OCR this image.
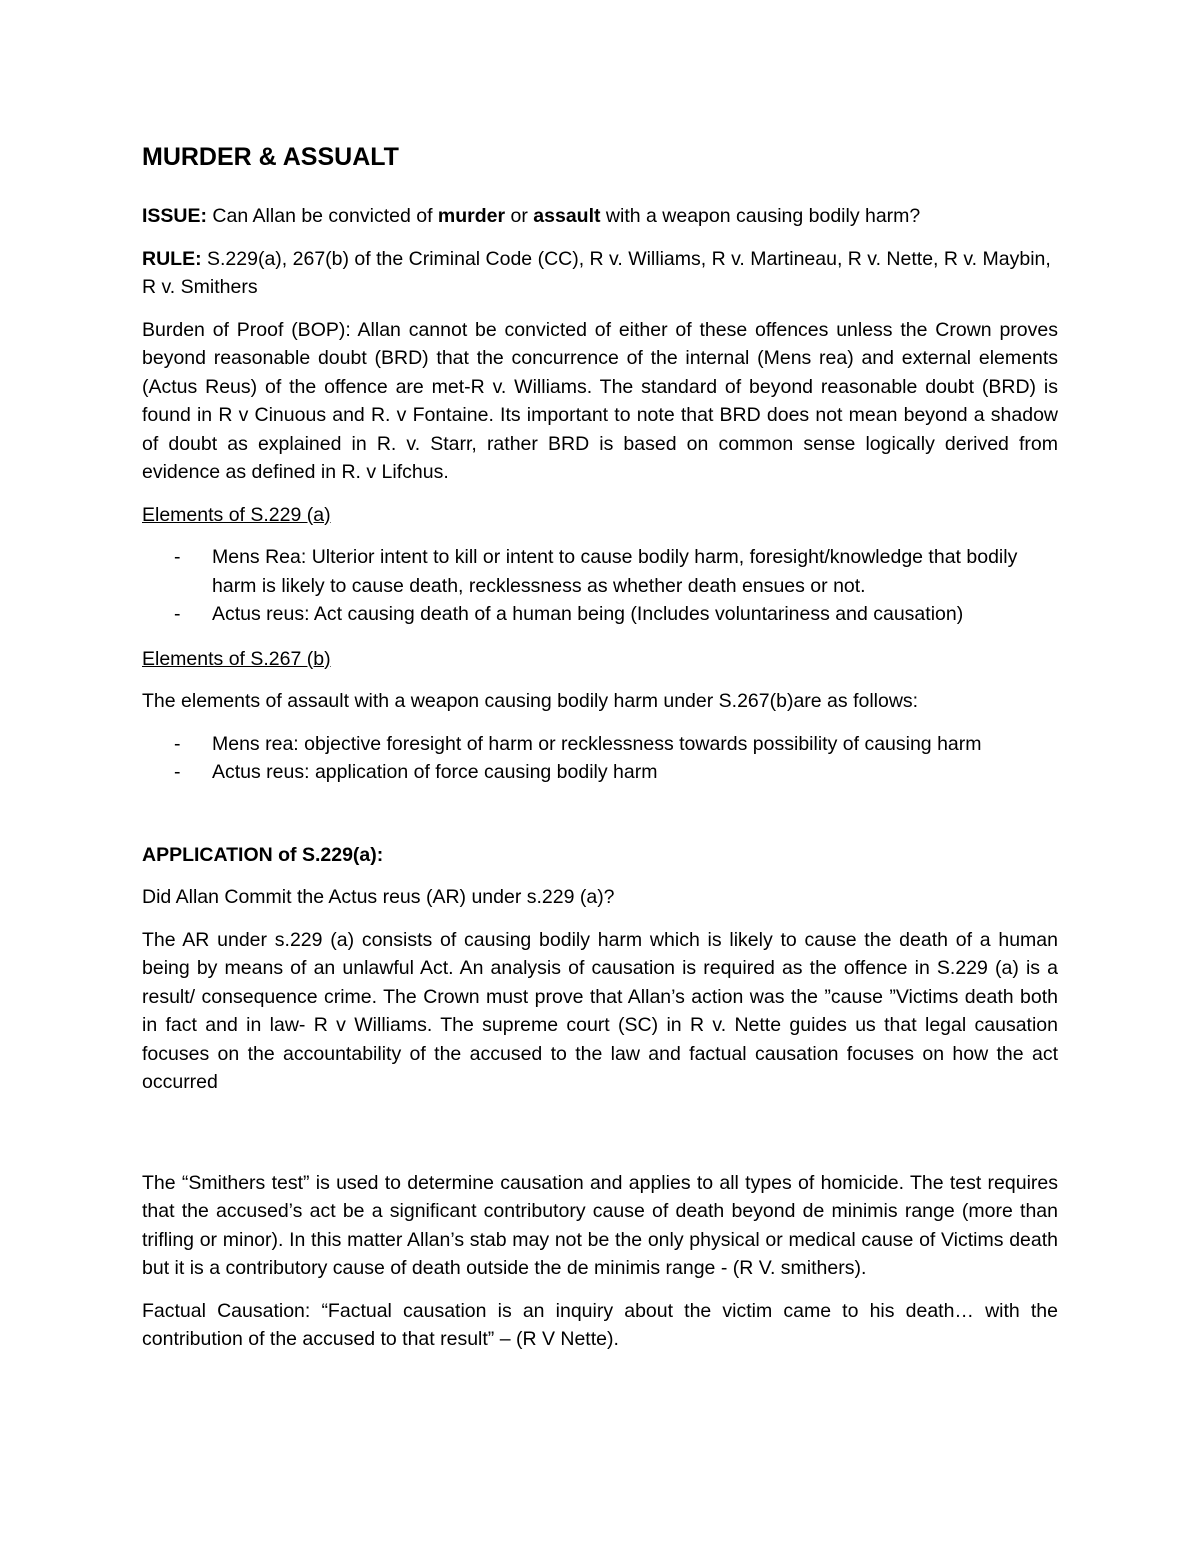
MURDER & ASSUALT

ISSUE: Can Allan be convicted of murder or assault with a weapon causing bodily harm?

RULE: S.229(a), 267(b) of the Criminal Code (CC), R v. Williams, R v. Martineau, R v. Nette, R v. Maybin, R v. Smithers

Burden of Proof (BOP): Allan cannot be convicted of either of these offences unless the Crown proves beyond reasonable doubt (BRD) that the concurrence of the internal (Mens rea) and external elements (Actus Reus) of the offence are met-R v. Williams. The standard of beyond reasonable doubt (BRD) is found in R v Cinuous and R. v Fontaine. Its important to note that BRD does not mean beyond a shadow of doubt as explained in R. v. Starr, rather BRD is based on common sense logically derived from evidence as defined in R. v Lifchus.

Elements of S.229 (a)

- Mens Rea: Ulterior intent to kill or intent to cause bodily harm, foresight/knowledge that bodily harm is likely to cause death, recklessness as whether death ensues or not.
- Actus reus: Act causing death of a human being (Includes voluntariness and causation)

Elements of S.267 (b)

The elements of assault with a weapon causing bodily harm under S.267(b)are as follows:

- Mens rea: objective foresight of harm or recklessness towards possibility of causing harm
- Actus reus: application of force causing bodily harm

APPLICATION of S.229(a):

Did Allan Commit the Actus reus (AR) under s.229 (a)?

The AR under s.229 (a) consists of causing bodily harm which is likely to cause the death of a human being by means of an unlawful Act. An analysis of causation is required as the offence in S.229 (a) is a result/ consequence crime. The Crown must prove that Allan’s action was the ”cause ”Victims death both in fact and in law- R v Williams. The supreme court (SC) in R v. Nette guides us that legal causation focuses on the accountability of the accused to the law and factual causation focuses on how the act occurred

The “Smithers test” is used to determine causation and applies to all types of homicide. The test requires that the accused’s act be a significant contributory cause of death beyond de minimis range (more than trifling or minor). In this matter Allan’s stab may not be the only physical or medical cause of Victims death but it is a contributory cause of death outside the de minimis range - (R V. smithers).

Factual Causation: “Factual causation is an inquiry about the victim came to his death… with the contribution of the accused to that result” – (R V Nette).
